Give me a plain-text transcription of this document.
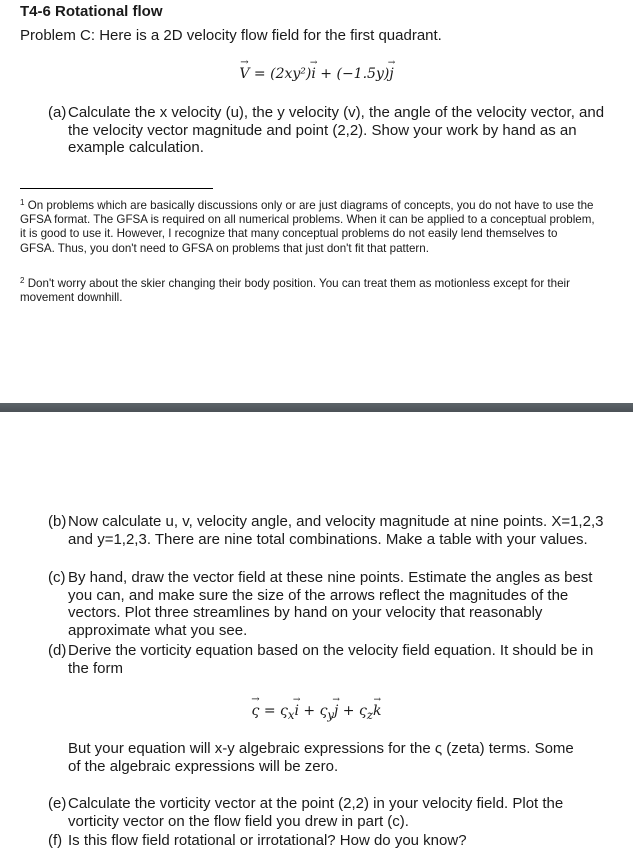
T4-6 Rotational flow
Problem C: Here is a 2D velocity flow field for the first quadrant.
→ V = (2xy²)→ i + (−1.5y)→ j
(a) Calculate the x velocity (u), the y velocity (v), the angle of the velocity vector, and the velocity vector magnitude and point (2,2). Show your work by hand as an example calculation.
$^1$ On problems which are basically discussions only or are just diagrams of concepts, you do not have to use the GFSA format. The GFSA is required on all numerical problems. When it can be applied to a conceptual problem, it is good to use it. However, I recognize that many conceptual problems do not easily lend themselves to GFSA. Thus, you don't need to GFSA on problems that just don't fit that pattern.
$^2$ Don't worry about the skier changing their body position. You can treat them as motionless except for their movement downhill.
(b) Now calculate u, v, velocity angle, and velocity magnitude at nine points. X=1,2,3 and y=1,2,3. There are nine total combinations. Make a table with your values.
(c) By hand, draw the vector field at these nine points. Estimate the angles as best you can, and make sure the size of the arrows reflect the magnitudes of the vectors. Plot three streamlines by hand on your velocity that reasonably approximate what you see.
(d) Derive the vorticity equation based on the velocity field equation. It should be in the form
→ $\varsigma = \varsigma_x\to i + \varsigma_y\to j + \varsigma_z\to k$
But your equation will x-y algebraic expressions for the ς (zeta) terms. Some of the algebraic expressions will be zero.
(e) Calculate the vorticity vector at the point (2,2) in your velocity field. Plot the vorticity vector on the flow field you drew in part (c).
(f) Is this flow field rotational or irrotational? How do you know?
